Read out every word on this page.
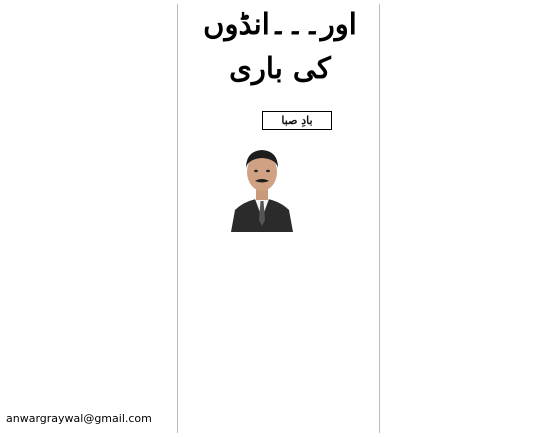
اور۔۔۔انڈوں کی باری
بادِ صبا
anwargraywal@gmail.com
